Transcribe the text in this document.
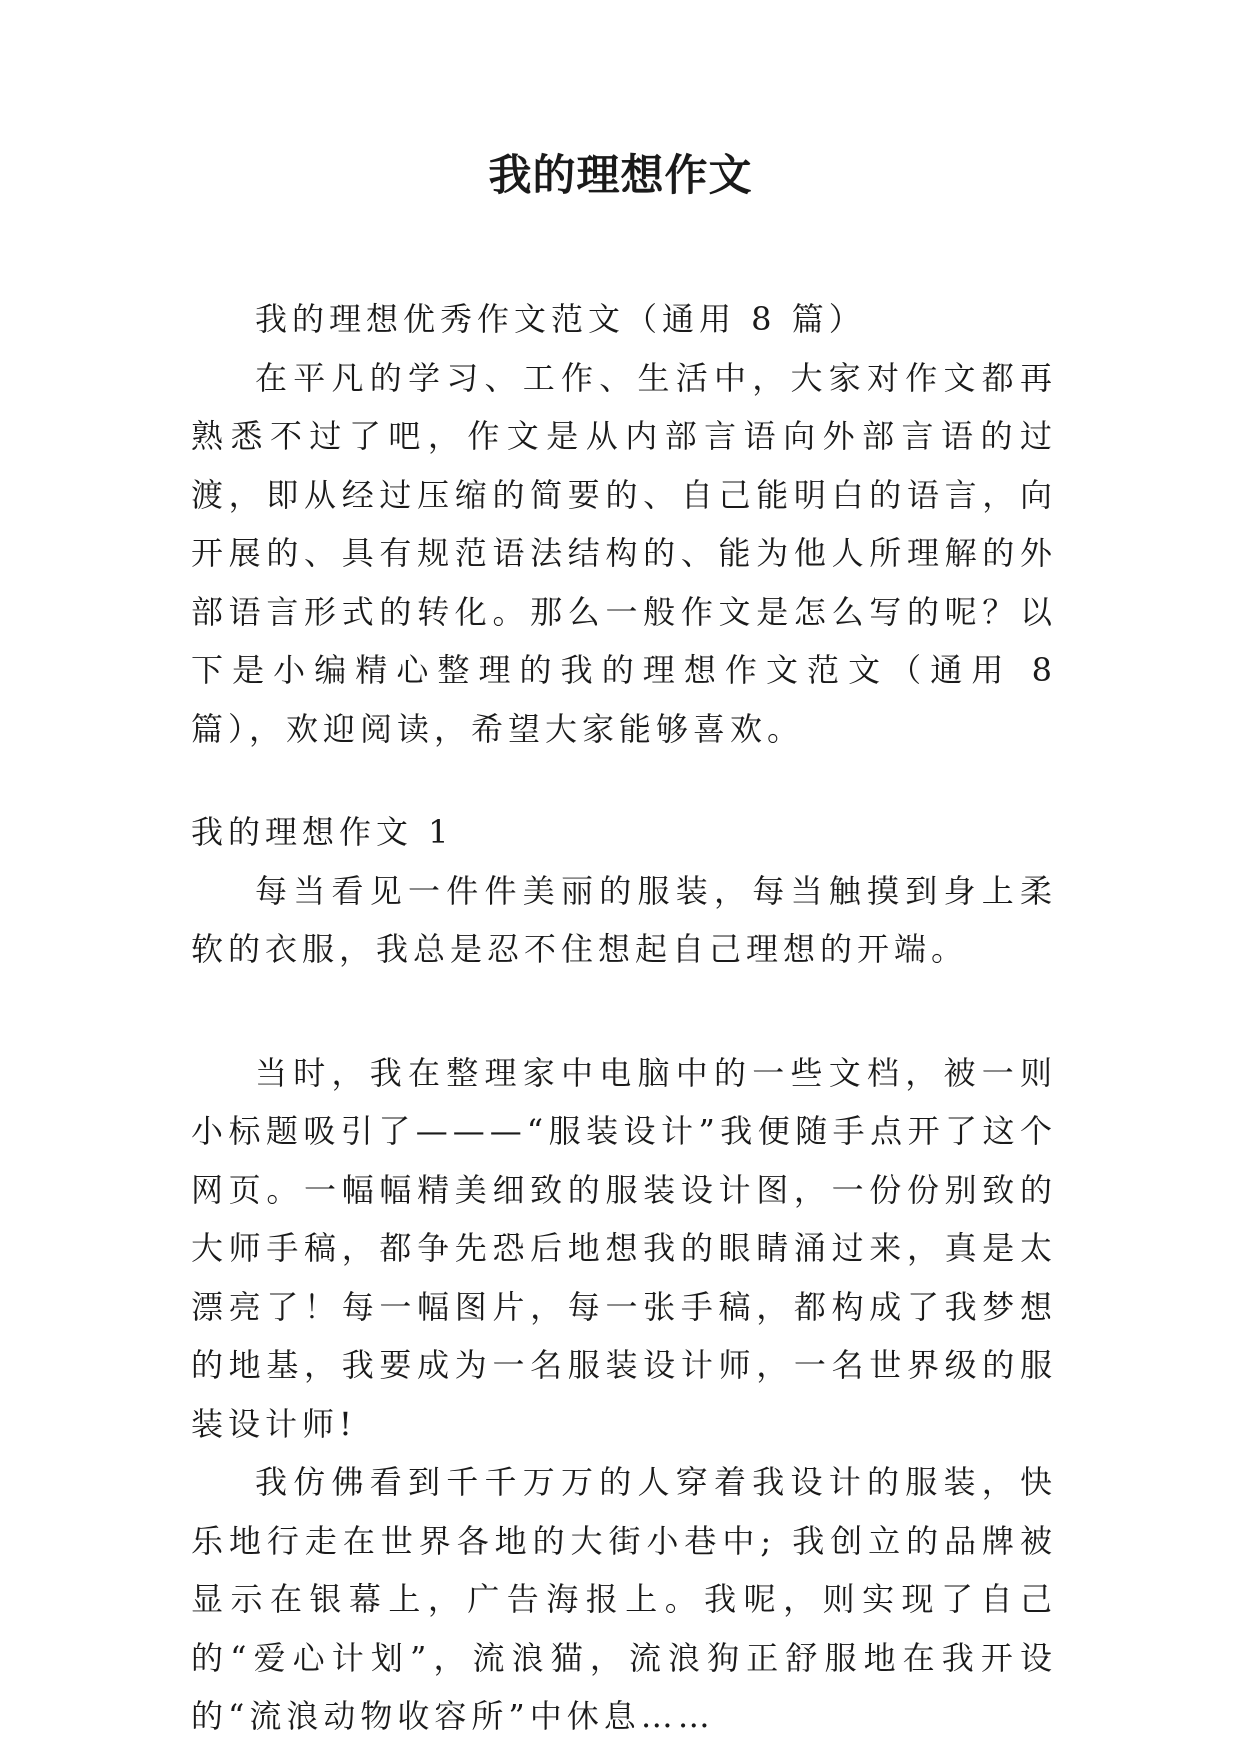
我的理想作文

我的理想优秀作文范文（通用 8 篇）

在平凡的学习、工作、生活中，大家对作文都再熟悉不过了吧，作文是从内部言语向外部言语的过渡，即从经过压缩的简要的、自己能明白的语言，向开展的、具有规范语法结构的、能为他人所理解的外部语言形式的转化。那么一般作文是怎么写的呢？以下是小编精心整理的我的理想作文范文（通用 8 篇），欢迎阅读，希望大家能够喜欢。

我的理想作文 1

每当看见一件件美丽的服装，每当触摸到身上柔软的衣服，我总是忍不住想起自己理想的开端。

当时，我在整理家中电脑中的一些文档，被一则小标题吸引了———“服装设计”我便随手点开了这个网页。一幅幅精美细致的服装设计图，一份份别致的大师手稿，都争先恐后地想我的眼睛涌过来，真是太漂亮了！每一幅图片，每一张手稿，都构成了我梦想的地基，我要成为一名服装设计师，一名世界级的服装设计师!

我仿佛看到千千万万的人穿着我设计的服装，快乐地行走在世界各地的大街小巷中; 我创立的品牌被显示在银幕上，广告海报上。我呢，则实现了自己的“爱心计划”，流浪猫，流浪狗正舒服地在我开设的“流浪动物收容所”中休息……
